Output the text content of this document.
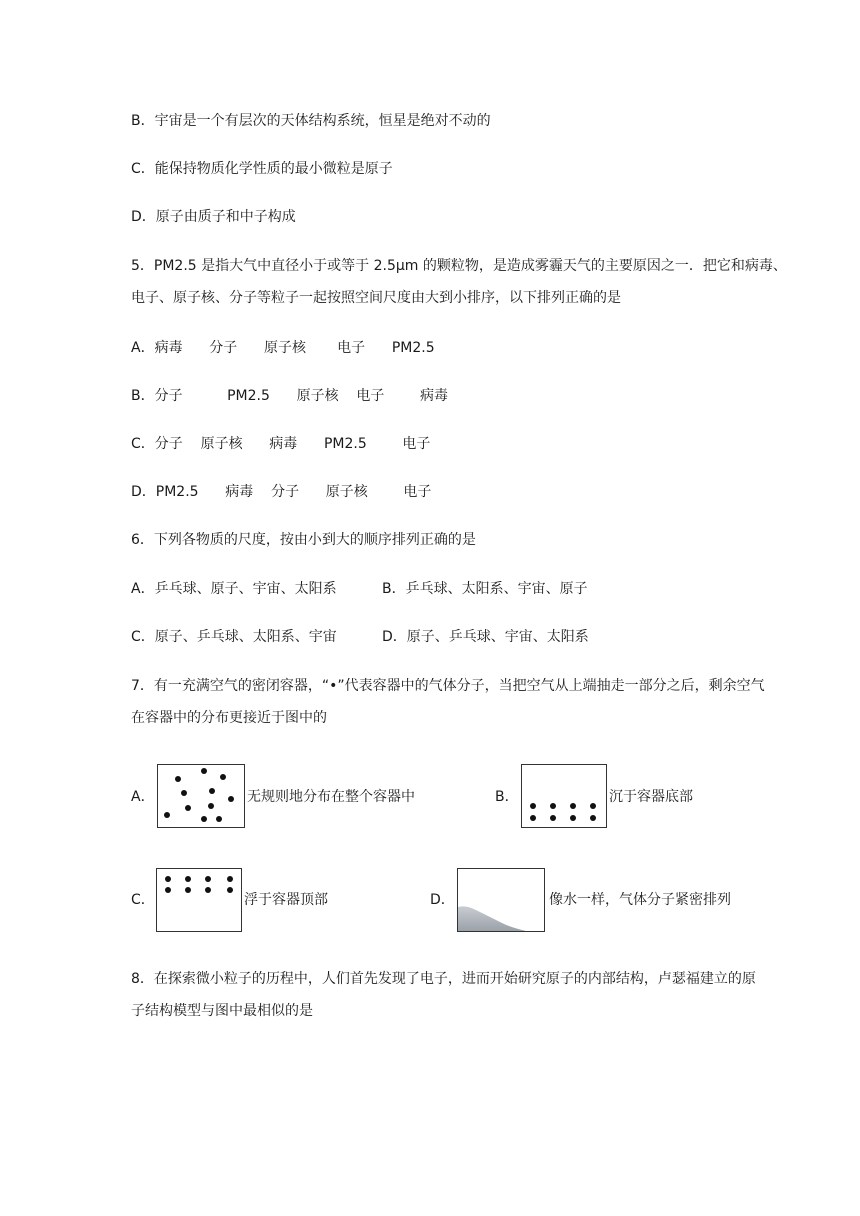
B．宇宙是一个有层次的天体结构系统，恒星是绝对不动的
C．能保持物质化学性质的最小微粒是原子
D．原子由质子和中子构成
5．PM2.5 是指大气中直径小于或等于 2.5μm 的颗粒物，是造成雾霾天气的主要原因之一．把它和病毒、
电子、原子核、分子等粒子一起按照空间尺度由大到小排序，以下排列正确的是
A．病毒      分子      原子核       电子      PM2.5
B．分子          PM2.5      原子核    电子        病毒
C．分子    原子核      病毒      PM2.5        电子
D．PM2.5      病毒    分子      原子核        电子
6．下列各物质的尺度，按由小到大的顺序排列正确的是
A．乒乓球、原子、宇宙、太阳系	B．乒乓球、太阳系、宇宙、原子
C．原子、乒乓球、太阳系、宇宙	D．原子、乒乓球、宇宙、太阳系
7．有一充满空气的密闭容器，“•”代表容器中的气体分子，当把空气从上端抽走一部分之后，剩余空气
在容器中的分布更接近于图中的
A．	无规则地分布在整个容器中	B．	沉于容器底部
C．	浮于容器顶部	D．	像水一样，气体分子紧密排列
8．在探索微小粒子的历程中，人们首先发现了电子，进而开始研究原子的内部结构，卢瑟福建立的原
子结构模型与图中最相似的是
